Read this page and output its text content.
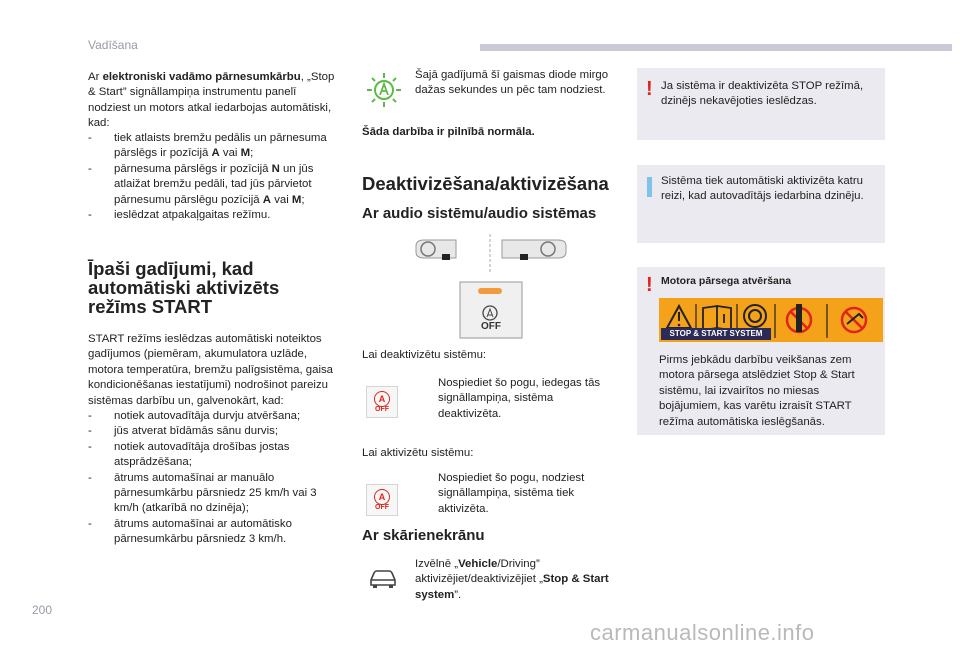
Vadīšana
200
carmanualsonline.info
Ar elektroniski vadāmo pārnesumkārbu, „Stop & Start” signāllampiņa instrumentu panelī nodziest un motors atkal iedarbojas automātiski, kad:
- tiek atlaists bremžu pedālis un pārnesuma pārslēgs ir pozīcijā A vai M;
- pārnesuma pārslēgs ir pozīcijā N un jūs atlaižat bremžu pedāli, tad jūs pārvietot pārnesumu pārslēgu pozīcijā A vai M;
- ieslēdzat atpakaļgaitas režīmu.
Īpaši gadījumi, kad automātiski aktivizēts režīms START
START režīms ieslēdzas automātiski noteiktos gadījumos (piemēram, akumulatora uzlāde, motora temperatūra, bremžu palīgsistēma, gaisa kondicionēšanas iestatījumi) nodrošinot pareizu sistēmas darbību un, galvenokārt, kad:
- notiek autovadītāja durvju atvēršana;
- jūs atverat bīdāmās sānu durvis;
- notiek autovadītāja drošības jostas atsprādzēšana;
- ātrums automašīnai ar manuālo pārnesumkārbu pārsniedz 25 km/h vai 3 km/h (atkarībā no dzinēja);
- ātrums automašīnai ar automātisko pārnesumkārbu pārsniedz 3 km/h.
Šajā gadījumā šī gaismas diode mirgo dažas sekundes un pēc tam nodziest.
Šāda darbība ir pilnībā normāla.
Deaktivizēšana/aktivizēšana
Ar audio sistēmu/audio sistēmas
OFF
Lai deaktivizētu sistēmu:
A
OFF
Nospiediet šo pogu, iedegas tās signāllampiņa, sistēma deaktivizēta.
Lai aktivizētu sistēmu:
A
OFF
Nospiediet šo pogu, nodziest signāllampiņa, sistēma tiek aktivizēta.
Ar skārienekrānu
Izvēlnē „Vehicle/Driving” aktivizējiet/deaktivizējiet „Stop & Start system”.
! Ja sistēma ir deaktivizēta STOP režīmā, dzinējs nekavējoties ieslēdzas.
Sistēma tiek automātiski aktivizēta katru reizi, kad autovadītājs iedarbina dzinēju.
! Motora pārsega atvēršana
STOP & START SYSTEM
Pirms jebkādu darbību veikšanas zem motora pārsega atslēdziet Stop & Start sistēmu, lai izvairītos no miesas bojājumiem, kas varētu izraisīt START režīma automātiska ieslēgšanās.
